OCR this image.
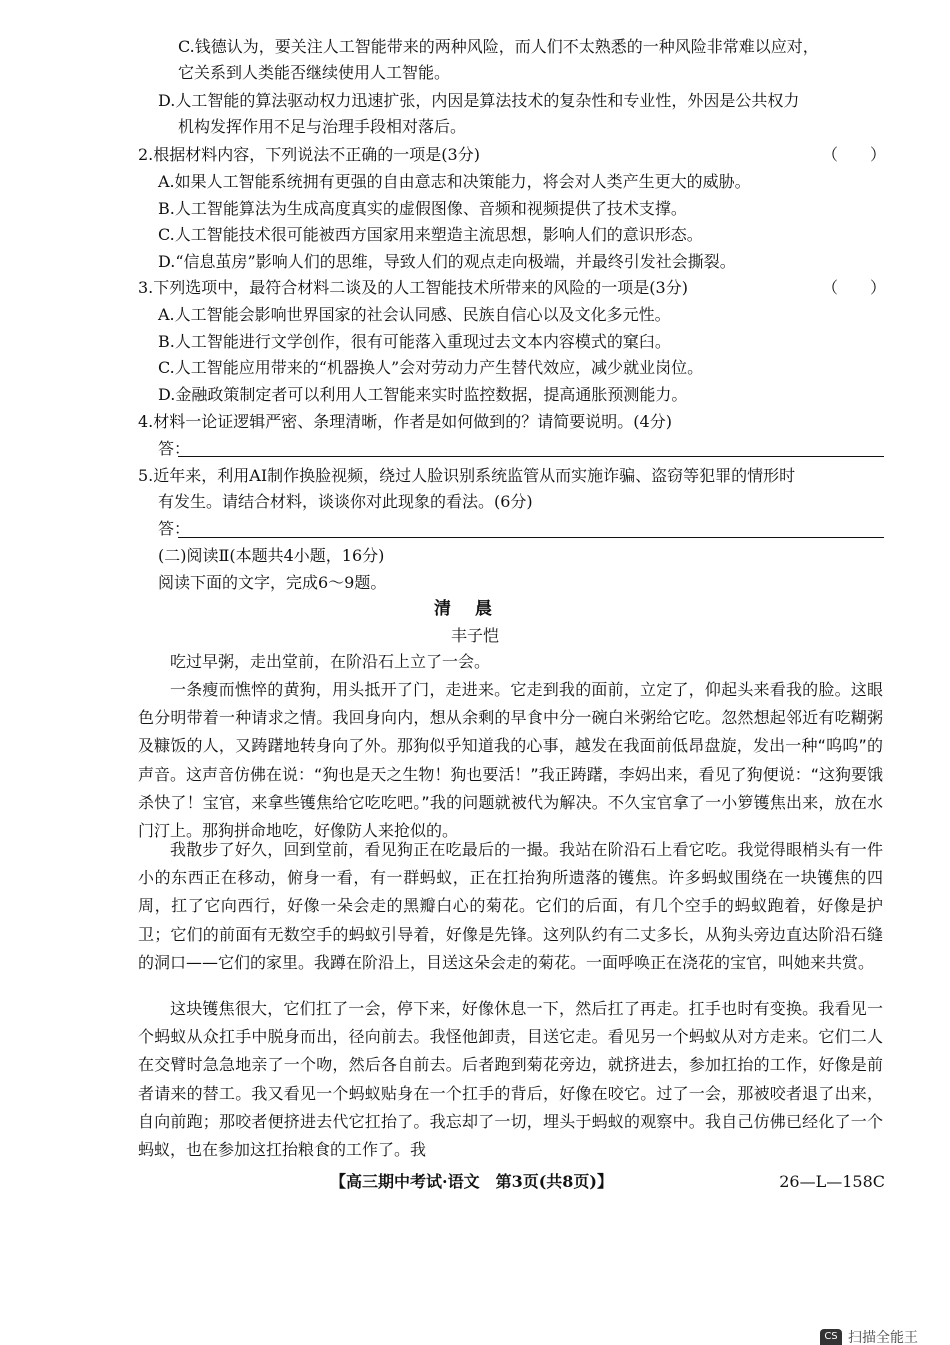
C.钱德认为，要关注人工智能带来的两种风险，而人们不太熟悉的一种风险非常难以应对，

它关系到人类能否继续使用人工智能。

D.人工智能的算法驱动权力迅速扩张，内因是算法技术的复杂性和专业性，外因是公共权力

机构发挥作用不足与治理手段相对落后。

2.根据材料内容，下列说法不正确的一项是(3分)	（　　）

A.如果人工智能系统拥有更强的自由意志和决策能力，将会对人类产生更大的威胁。

B.人工智能算法为生成高度真实的虚假图像、音频和视频提供了技术支撑。

C.人工智能技术很可能被西方国家用来塑造主流思想，影响人们的意识形态。

D.“信息茧房”影响人们的思维，导致人们的观点走向极端，并最终引发社会撕裂。

3.下列选项中，最符合材料二谈及的人工智能技术所带来的风险的一项是(3分)	（　　）

A.人工智能会影响世界国家的社会认同感、民族自信心以及文化多元性。

B.人工智能进行文学创作，很有可能落入重现过去文本内容模式的窠臼。

C.人工智能应用带来的“机器换人”会对劳动力产生替代效应，减少就业岗位。

D.金融政策制定者可以利用人工智能来实时监控数据，提高通胀预测能力。

4.材料一论证逻辑严密、条理清晰，作者是如何做到的？请简要说明。(4分)

答：

5.近年来，利用AI制作换脸视频，绕过人脸识别系统监管从而实施诈骗、盗窃等犯罪的情形时

有发生。请结合材料，谈谈你对此现象的看法。(6分)

答：

(二)阅读Ⅱ(本题共4小题，16分)

阅读下面的文字，完成6～9题。

清晨

丰子恺

吃过早粥，走出堂前，在阶沿石上立了一会。

一条瘦而憔悴的黄狗，用头抵开了门，走进来。它走到我的面前，立定了，仰起头来看我的脸。这眼色分明带着一种请求之情。我回身向内，想从余剩的早食中分一碗白米粥给它吃。忽然想起邻近有吃糊粥及糠饭的人，又踌躇地转身向了外。那狗似乎知道我的心事，越发在我面前低昂盘旋，发出一种“呜呜”的声音。这声音仿佛在说：“狗也是天之生物！狗也要活！”我正踌躇，李妈出来，看见了狗便说：“这狗要饿杀快了！宝官，来拿些镬焦给它吃吃吧。”我的问题就被代为解决。不久宝官拿了一小箩镬焦出来，放在水门汀上。那狗拼命地吃，好像防人来抢似的。

我散步了好久，回到堂前，看见狗正在吃最后的一撮。我站在阶沿石上看它吃。我觉得眼梢头有一件小的东西正在移动，俯身一看，有一群蚂蚁，正在扛抬狗所遗落的镬焦。许多蚂蚁围绕在一块镬焦的四周，扛了它向西行，好像一朵会走的黑瓣白心的菊花。它们的后面，有几个空手的蚂蚁跑着，好像是护卫；它们的前面有无数空手的蚂蚁引导着，好像是先锋。这列队约有二丈多长，从狗头旁边直达阶沿石缝的洞口——它们的家里。我蹲在阶沿上，目送这朵会走的菊花。一面呼唤正在浇花的宝官，叫她来共赏。

这块镬焦很大，它们扛了一会，停下来，好像休息一下，然后扛了再走。扛手也时有变换。我看见一个蚂蚁从众扛手中脱身而出，径向前去。我怪他卸责，目送它走。看见另一个蚂蚁从对方走来。它们二人在交臂时急急地亲了一个吻，然后各自前去。后者跑到菊花旁边，就挤进去，参加扛抬的工作，好像是前者请来的替工。我又看见一个蚂蚁贴身在一个扛手的背后，好像在咬它。过了一会，那被咬者退了出来，自向前跑；那咬者便挤进去代它扛抬了。我忘却了一切，埋头于蚂蚁的观察中。我自己仿佛已经化了一个蚂蚁，也在参加这扛抬粮食的工作了。我

【高三期中考试·语文　第3页(共8页)】	26—L—158C
CS 扫描全能王
